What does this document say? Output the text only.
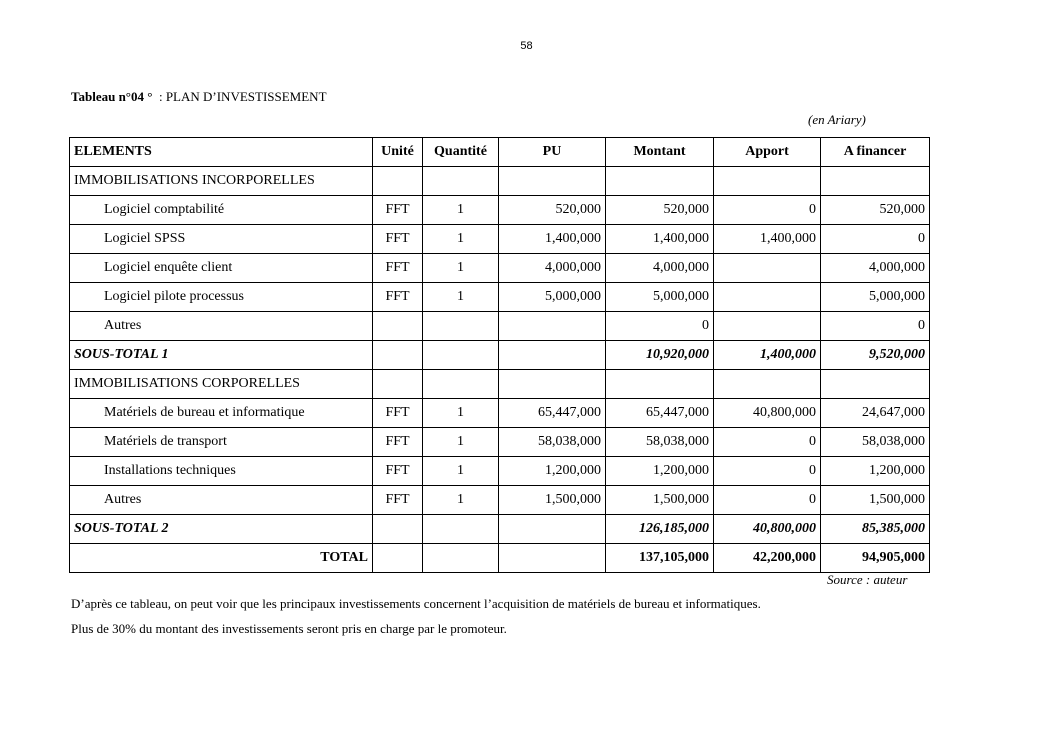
58
Tableau n°04 °  : PLAN D’INVESTISSEMENT
(en Ariary)
ELEMENTS	Unité	Quantité	PU	Montant	Apport	A financer
IMMOBILISATIONS INCORPORELLES						
Logiciel comptabilité	FFT	1	520,000	520,000	0	520,000
Logiciel SPSS	FFT	1	1,400,000	1,400,000	1,400,000	0
Logiciel enquête client	FFT	1	4,000,000	4,000,000		4,000,000
Logiciel pilote processus	FFT	1	5,000,000	5,000,000		5,000,000
Autres				0		0
SOUS-TOTAL 1				10,920,000	1,400,000	9,520,000
IMMOBILISATIONS CORPORELLES						
Matériels de bureau et informatique	FFT	1	65,447,000	65,447,000	40,800,000	24,647,000
Matériels de transport	FFT	1	58,038,000	58,038,000	0	58,038,000
Installations techniques	FFT	1	1,200,000	1,200,000	0	1,200,000
Autres	FFT	1	1,500,000	1,500,000	0	1,500,000
SOUS-TOTAL 2				126,185,000	40,800,000	85,385,000
TOTAL				137,105,000	42,200,000	94,905,000
Source : auteur
D’après ce tableau, on peut voir que les principaux investissements concernent l’acquisition de matériels de bureau et informatiques.
Plus de 30% du montant des investissements seront pris en charge par le promoteur.
